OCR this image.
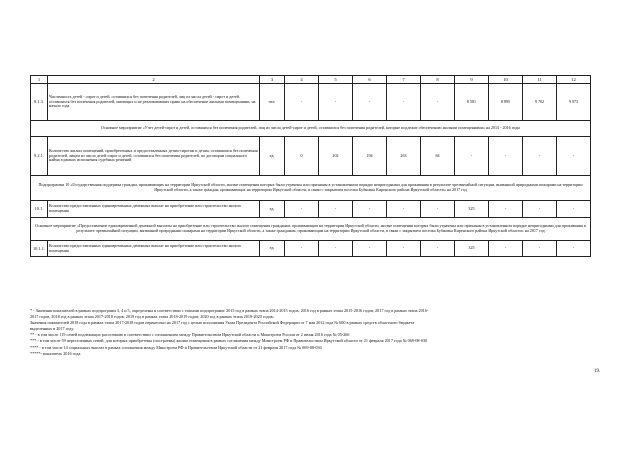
1	2	3	4	5	6	7	8	9	10	11	12
9.1.3.	Численность детей - сирот и детей, оставшихся без попечения родителей, лиц из числа детей - сирот и детей, оставшихся без попечения родителей, имеющих и не реализовавших право на обеспечение жилыми помещениями, на начало года	чел.	-	-	-	-	-	8 581	8 895	9 702	9 973
Основное мероприятие «Учет детей-сирот и детей, оставшихся без попечения родителей, лиц из числа детей-сирот и детей, оставшихся без попечения родителей, которые подлежат обеспечению жилыми помещениями» на 2014 - 2016 годы											
9.2.1.	Количество жилых помещений, приобретенных и предоставленных детям-сиротам и детям, оставшимся без попечения родителей, лицам из числа детей-сирот и детей, оставшихся без попечения родителей, по договорам социального найма в рамках исполнения судебных решений	ед.	0	202	194	263	84	-	-	-	-
Подпрограмма 10 «Государственная поддержка граждан, проживающих на территории Иркутской области, жилые помещения которых были утрачены или признаны в установленном порядке непригодными для проживания в результате чрезвычайной ситуации, вызванной природными пожарами на территории Иркутской области, а также граждан, проживающих на территории Иркутской области, в связи с закрытием поселка Бубновка Киренского района Иркутской области» на 2017 год											
10.1.	Количество предоставленных единовременных денежных выплат на приобретение или строительство жилого помещения	ед.	-	-	-	-	-	325	-	-	-
Основное мероприятие «Предоставление единовременной денежной выплаты на приобретение или строительство жилого помещения гражданам, проживающим на территории Иркутской области, жилые помещения которых были утрачены или признаны в установленном порядке непригодными для проживания в результате чрезвычайной ситуации, вызванной природными пожарами на территории Иркутской области, а также гражданам, проживающим на территории Иркутской области, в связи с закрытием поселка Бубновка Киренского района Иркутской области» на 2017 год											
10.1.1.	Количество предоставленных единовременных денежных выплат на приобретение или строительство жилого помещения	ед.	-	-	-	-	-	325	-	-	-

* - Значения показателей в рамках подпрограмм 3, 4 и 5, определены в соответствии с этапами подпрограмм: 2015 год в рамках этапа 2014-2015 годов, 2016 год в рамках этапа 2015-2016 годов, 2017 год в рамках этапа 2016-

2017 годов, 2018 год в рамках этапа 2017-2018 годов, 2019 год в рамках этапа 2018-2019 годов, 2020 год в рамках этапа 2019-2020 годов;

Значения показателей 2018 года в рамках этапа 2017-2018 годов перенесено на 2017 год с целью исполнения Указа Президента Российской Федерации от 7 мая 2012 года № 600 в рамках средств областного бюджета

выделенных в 2017 году.

** - в том числе 119 семей подлежащих расселению в соответствии с соглашением между Правительством Иркутской области и Минстроем России от 2 июня 2016 года № 05-266

*** - в том числе 59 переселенных семей, для которых приобретены (построены) жилые помещения в рамках соглашения между Минстроем РФ и Правительством Иркутской области от 21 февраля 2017 года № 069-08-030

**** - в том числе 14 социальных выплат в рамках соглашения между Минстроем РФ и Правительством Иркутской области от 21 февраля 2017 года № 069-08-030

*****- показатель 2016 года.

19.
